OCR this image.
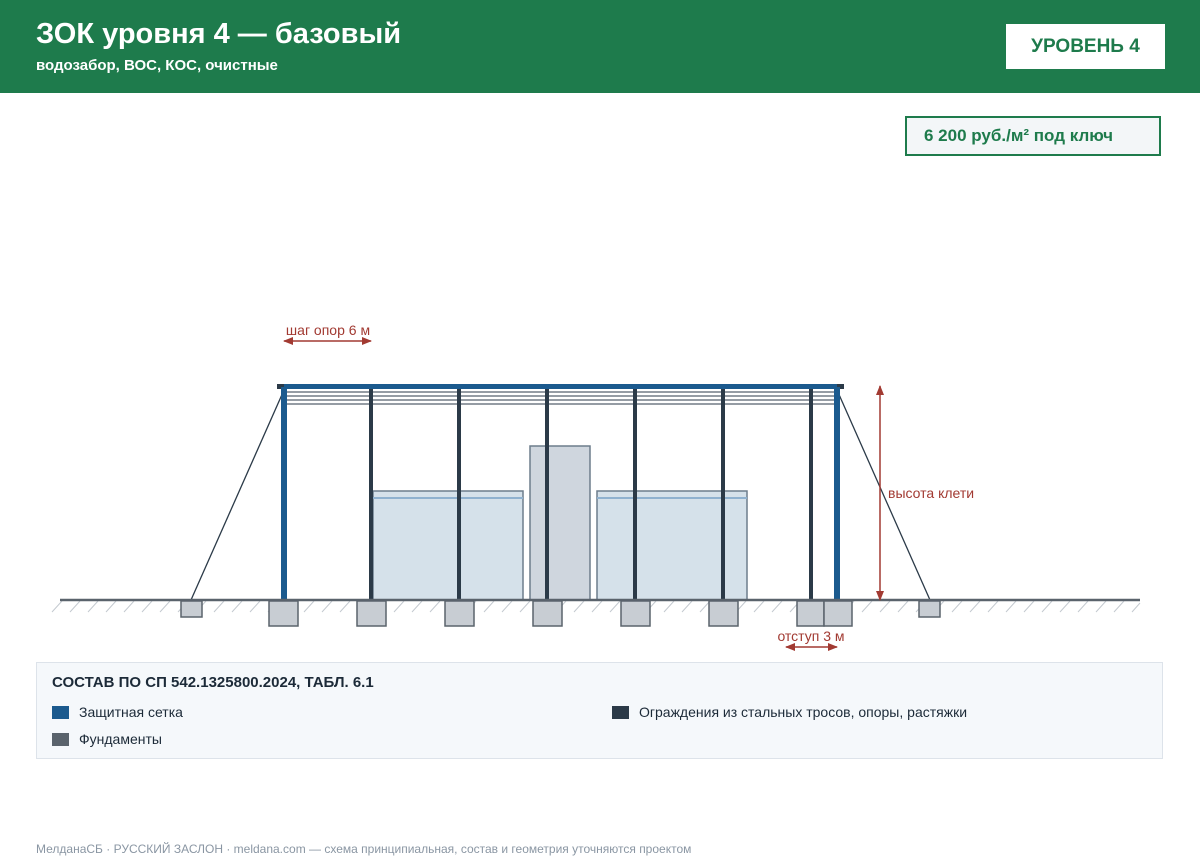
ЗОК уровня 4 — базовый
водозабор, ВОС, КОС, очистные
УРОВЕНЬ 4
6 200 руб./м² под ключ
шаг опор 6 м
высота клети
отступ 3 м
СОСТАВ ПО СП 542.1325800.2024, ТАБЛ. 6.1
Защитная сетка	Ограждения из стальных тросов, опоры, растяжки
Фундаменты
МелданаСБ · РУССКИЙ ЗАСЛОН · meldana.com — схема принципиальная, состав и геометрия уточняются проектом
